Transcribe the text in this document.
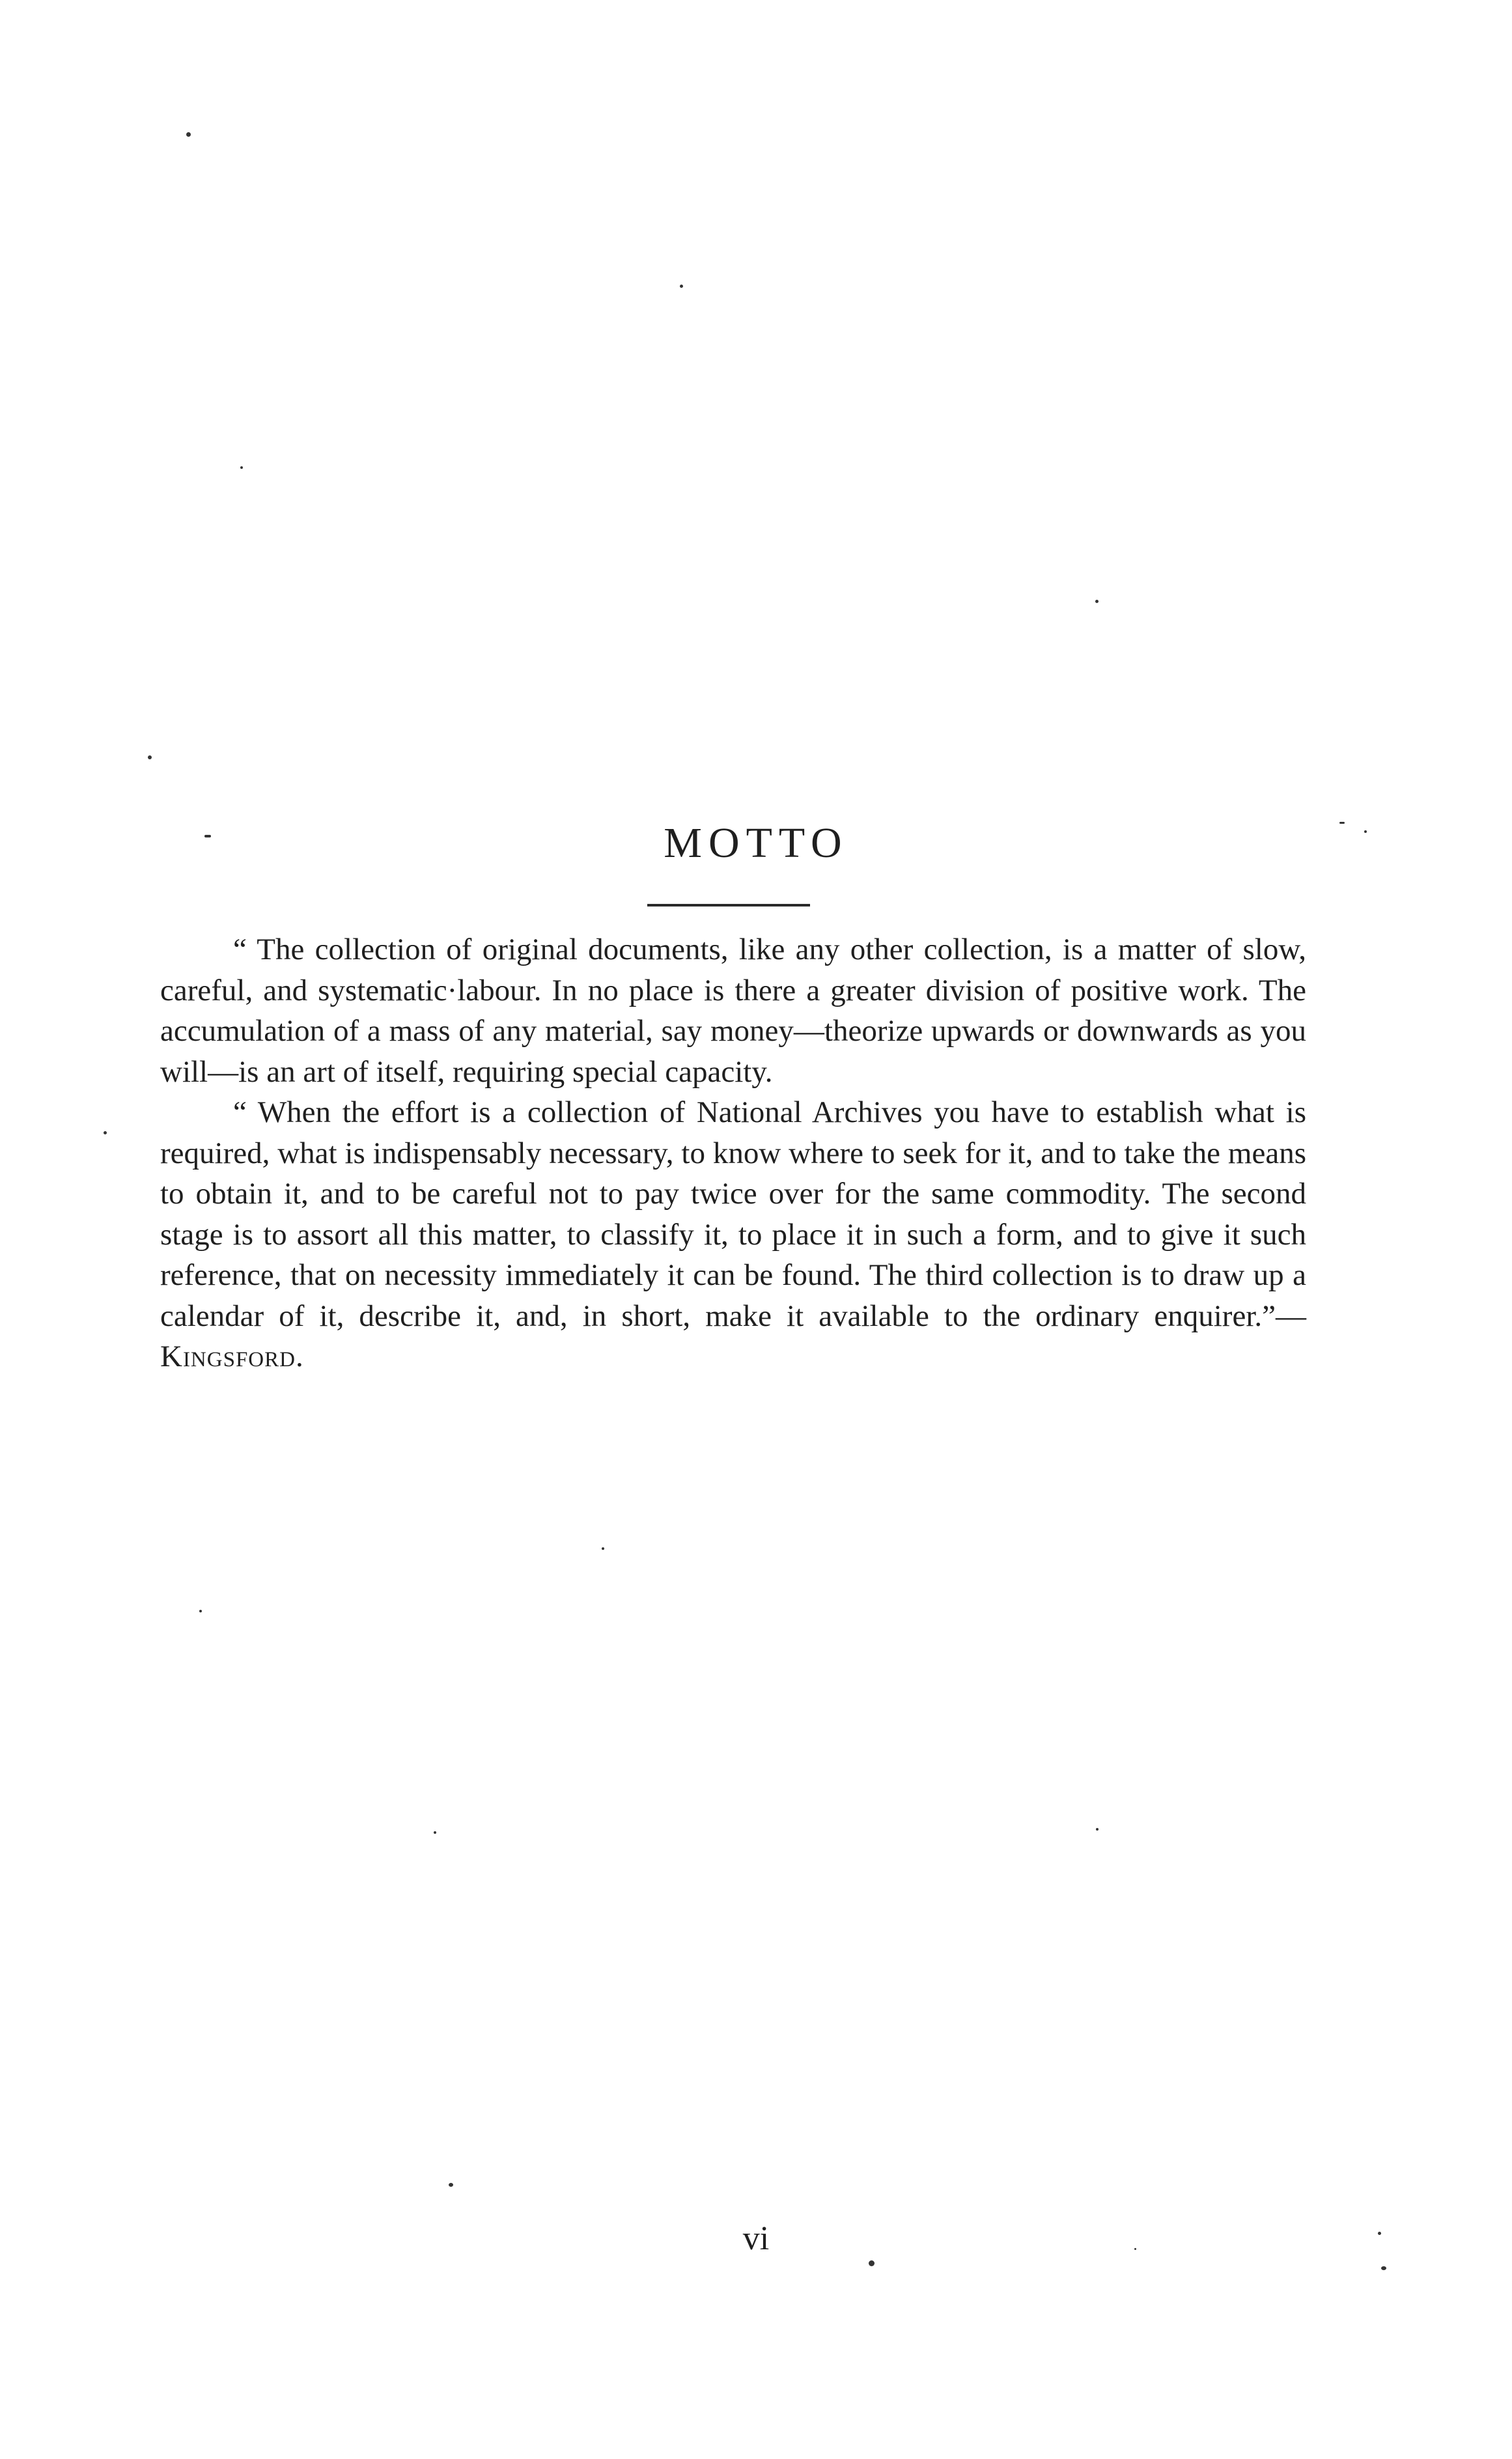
MOTTO

“ The collection of original documents, like any other collection, is a matter of slow, careful, and systematic·labour. In no place is there a greater division of positive work. The accumulation of a mass of any material, say money—theorize upwards or downwards as you will—is an art of itself, requiring special capacity.

“ When the effort is a collection of National Archives you have to establish what is required, what is indispensably necessary, to know where to seek for it, and to take the means to obtain it, and to be careful not to pay twice over for the same commodity. The second stage is to assort all this matter, to classify it, to place it in such a form, and to give it such reference, that on necessity immediately it can be found. The third collection is to draw up a calendar of it, describe it, and, in short, make it available to the ordinary enquirer.”—Kingsford.

vi
